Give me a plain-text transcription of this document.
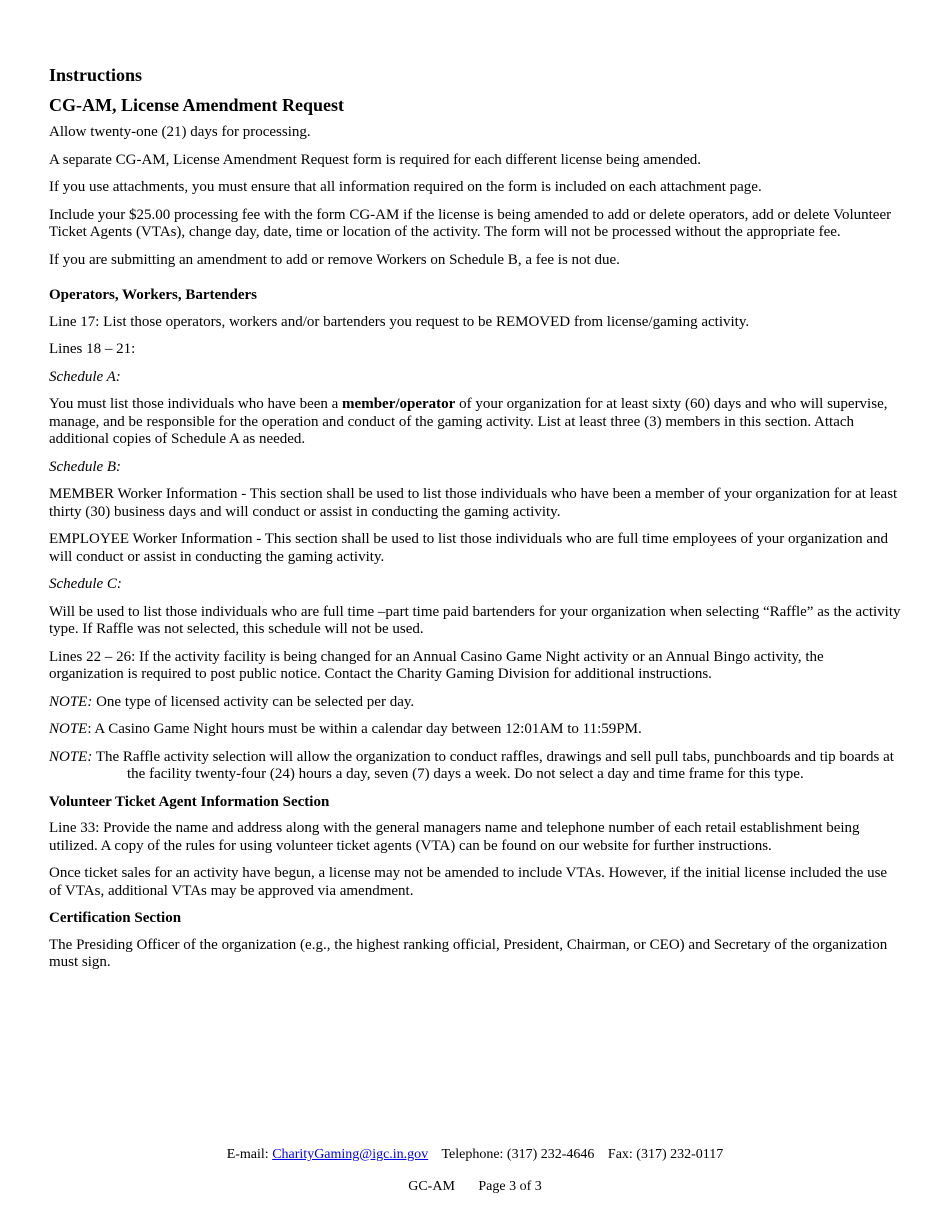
Instructions
CG-AM, License Amendment Request
Allow twenty-one (21) days for processing.
A separate CG-AM, License Amendment Request form is required for each different license being amended.
If you use attachments, you must ensure that all information required on the form is included on each attachment page.
Include your $25.00 processing fee with the form CG-AM if the license is being amended to add or delete operators, add or delete Volunteer Ticket Agents (VTAs), change day, date, time or location of the activity. The form will not be processed without the appropriate fee.
If you are submitting an amendment to add or remove Workers on Schedule B, a fee is not due.
Operators, Workers, Bartenders
Line 17: List those operators, workers and/or bartenders you request to be REMOVED from license/gaming activity.
Lines 18 – 21:
Schedule A:
You must list those individuals who have been a member/operator of your organization for at least sixty (60) days and who will supervise, manage, and be responsible for the operation and conduct of the gaming activity. List at least three (3) members in this section. Attach additional copies of Schedule A as needed.
Schedule B:
MEMBER Worker Information - This section shall be used to list those individuals who have been a member of your organization for at least thirty (30) business days and will conduct or assist in conducting the gaming activity.
EMPLOYEE Worker Information - This section shall be used to list those individuals who are full time employees of your organization and will conduct or assist in conducting the gaming activity.
Schedule C:
Will be used to list those individuals who are full time –part time paid bartenders for your organization when selecting “Raffle” as the activity type. If Raffle was not selected, this schedule will not be used.
Lines 22 – 26: If the activity facility is being changed for an Annual Casino Game Night activity or an Annual Bingo activity, the organization is required to post public notice. Contact the Charity Gaming Division for additional instructions.
NOTE: One type of licensed activity can be selected per day.
NOTE: A Casino Game Night hours must be within a calendar day between 12:01AM to 11:59PM.
NOTE: The Raffle activity selection will allow the organization to conduct raffles, drawings and sell pull tabs, punchboards and tip boards at the facility twenty-four (24) hours a day, seven (7) days a week. Do not select a day and time frame for this type.
Volunteer Ticket Agent Information Section
Line 33: Provide the name and address along with the general managers name and telephone number of each retail establishment being utilized. A copy of the rules for using volunteer ticket agents (VTA) can be found on our website for further instructions.
Once ticket sales for an activity have begun, a license may not be amended to include VTAs. However, if the initial license included the use of VTAs, additional VTAs may be approved via amendment.
Certification Section
The Presiding Officer of the organization (e.g., the highest ranking official, President, Chairman, or CEO) and Secretary of the organization must sign.
E-mail: CharityGaming@igc.in.gov Telephone: (317) 232-4646 Fax: (317) 232-0117
GC-AM Page 3 of 3
